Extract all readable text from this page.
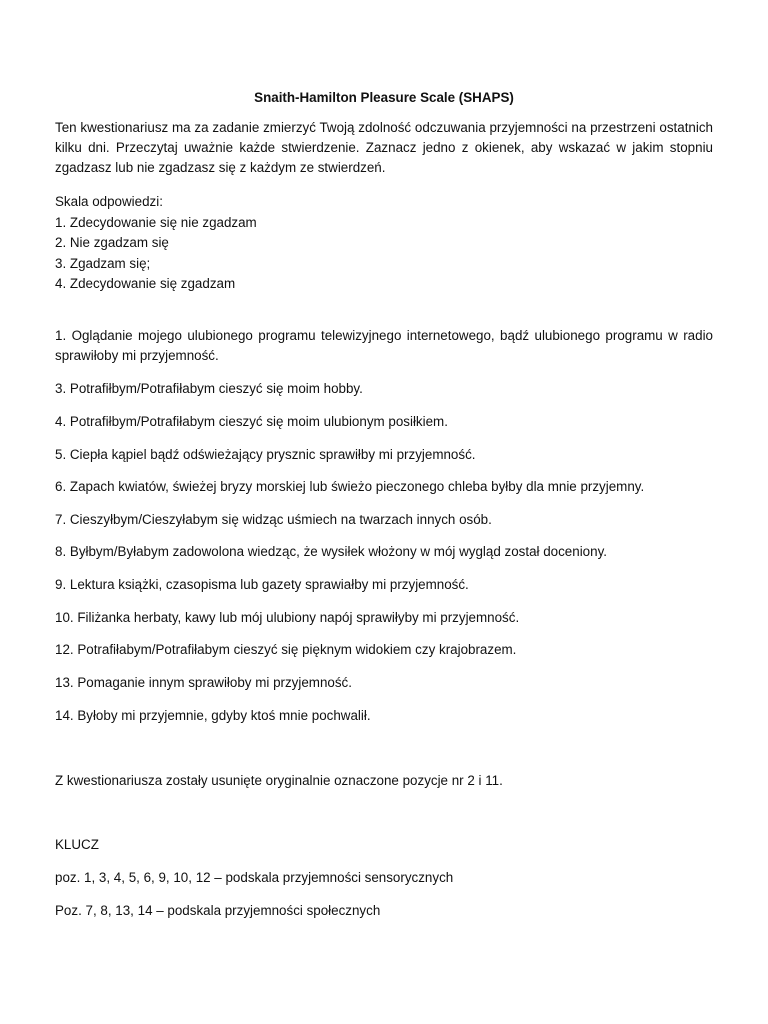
Snaith-Hamilton Pleasure Scale (SHAPS)

Ten kwestionariusz ma za zadanie zmierzyć Twoją zdolność odczuwania przyjemności na przestrzeni ostatnich kilku dni. Przeczytaj uważnie każde stwierdzenie. Zaznacz jedno z okienek, aby wskazać w jakim stopniu zgadzasz lub nie zgadzasz się z każdym ze stwierdzeń.

Skala odpowiedzi:
1. Zdecydowanie się nie zgadzam
2. Nie zgadzam się
3. Zgadzam się;
4. Zdecydowanie się zgadzam
1. Oglądanie mojego ulubionego programu telewizyjnego internetowego, bądź ulubionego programu w radio sprawiłoby mi przyjemność.
3. Potrafiłbym/Potrafiłabym cieszyć się moim hobby.
4. Potrafiłbym/Potrafiłabym cieszyć się moim ulubionym posiłkiem.
5. Ciepła kąpiel bądź odświeżający prysznic sprawiłby mi przyjemność.
6. Zapach kwiatów, świeżej bryzy morskiej lub świeżo pieczonego chleba byłby dla mnie przyjemny.
7. Cieszyłbym/Cieszyłabym się widząc uśmiech na twarzach innych osób.
8. Byłbym/Byłabym zadowolona wiedząc, że wysiłek włożony w mój wygląd został doceniony.
9. Lektura książki, czasopisma lub gazety sprawiałby mi przyjemność.
10. Filiżanka herbaty, kawy lub mój ulubiony napój sprawiłyby mi przyjemność.
12. Potrafiłabym/Potrafiłabym cieszyć się pięknym widokiem czy krajobrazem.
13. Pomaganie innym sprawiłoby mi przyjemność.
14. Byłoby mi przyjemnie, gdyby ktoś mnie pochwalił.
Z kwestionariusza zostały usunięte oryginalnie oznaczone pozycje nr 2 i 11.
KLUCZ
poz. 1, 3, 4, 5, 6, 9, 10, 12 – podskala przyjemności sensorycznych
Poz. 7, 8, 13, 14 – podskala przyjemności społecznych
